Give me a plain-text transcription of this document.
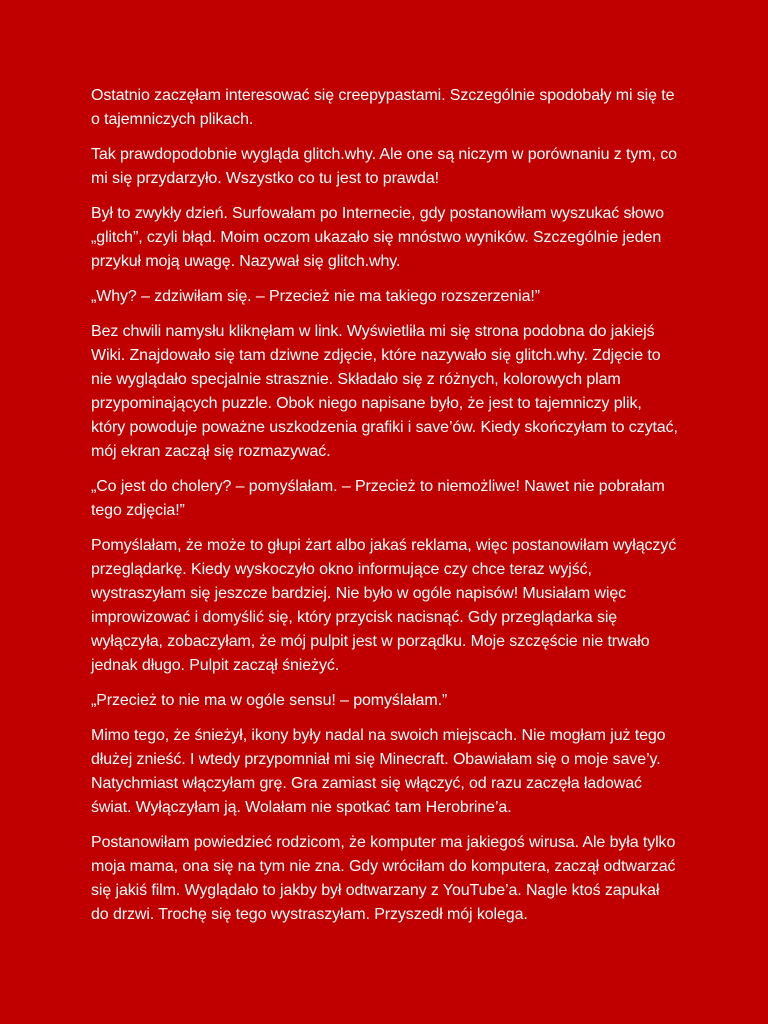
Ostatnio zaczęłam interesować się creepypastami. Szczególnie spodobały mi się te o tajemniczych plikach.

Tak prawdopodobnie wygląda glitch.why. Ale one są niczym w porównaniu z tym, co mi się przydarzyło. Wszystko co tu jest to prawda!

Był to zwykły dzień. Surfowałam po Internecie, gdy postanowiłam wyszukać słowo „glitch”, czyli błąd. Moim oczom ukazało się mnóstwo wyników. Szczególnie jeden przykuł moją uwagę. Nazywał się glitch.why.

„Why? – zdziwiłam się. – Przecież nie ma takiego rozszerzenia!”

Bez chwili namysłu kliknęłam w link. Wyświetliła mi się strona podobna do jakiejś Wiki. Znajdowało się tam dziwne zdjęcie, które nazywało się glitch.why. Zdjęcie to nie wyglądało specjalnie strasznie. Składało się z różnych, kolorowych plam przypominających puzzle. Obok niego napisane było, że jest to tajemniczy plik, który powoduje poważne uszkodzenia grafiki i save’ów. Kiedy skończyłam to czytać, mój ekran zaczął się rozmazywać.

„Co jest do cholery? – pomyślałam. – Przecież to niemożliwe! Nawet nie pobrałam tego zdjęcia!”

Pomyślałam, że może to głupi żart albo jakaś reklama, więc postanowiłam wyłączyć przeglądarkę. Kiedy wyskoczyło okno informujące czy chce teraz wyjść, wystraszyłam się jeszcze bardziej. Nie było w ogóle napisów! Musiałam więc improwizować i domyślić się, który przycisk nacisnąć. Gdy przeglądarka się wyłączyła, zobaczyłam, że mój pulpit jest w porządku. Moje szczęście nie trwało jednak długo. Pulpit zaczął śnieżyć.

„Przecież to nie ma w ogóle sensu! – pomyślałam.”

Mimo tego, że śnieżył, ikony były nadal na swoich miejscach. Nie mogłam już tego dłużej znieść. I wtedy przypomniał mi się Minecraft. Obawiałam się o moje save’y. Natychmiast włączyłam grę. Gra zamiast się włączyć, od razu zaczęła ładować świat. Wyłączyłam ją. Wolałam nie spotkać tam Herobrine’a.

Postanowiłam powiedzieć rodzicom, że komputer ma jakiegoś wirusa. Ale była tylko moja mama, ona się na tym nie zna. Gdy wróciłam do komputera, zaczął odtwarzać się jakiś film. Wyglądało to jakby był odtwarzany z YouTube’a. Nagle ktoś zapukał do drzwi. Trochę się tego wystraszyłam. Przyszedł mój kolega.
